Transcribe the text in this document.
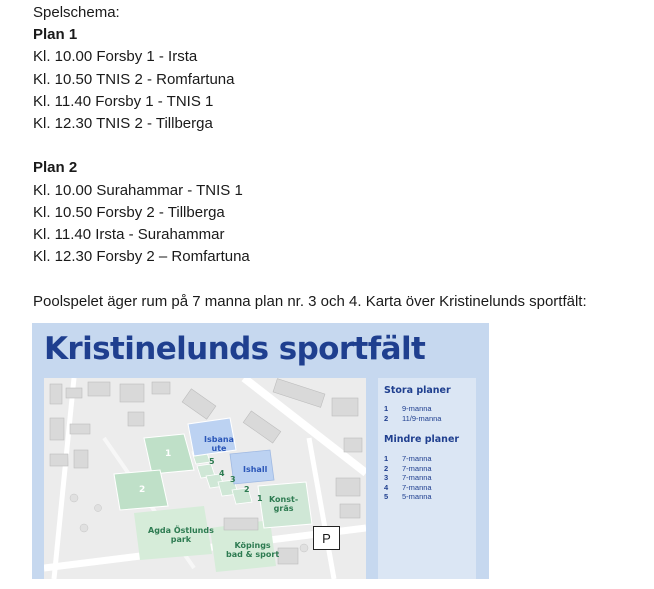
Spelschema:
Plan 1
Kl. 10.00 Forsby 1 - Irsta
Kl. 10.50 TNIS 2 - Romfartuna
Kl. 11.40 Forsby 1 - TNIS 1
Kl. 12.30 TNIS 2 - Tillberga
Plan 2
Kl. 10.00 Surahammar - TNIS 1
Kl. 10.50 Forsby 2 - Tillberga
Kl. 11.40 Irsta - Surahammar
Kl. 12.30 Forsby 2 – Romfartuna
Poolspelet äger rum på 7 manna plan nr. 3 och 4. Karta över Kristinelunds sportfält:
Kristinelunds sportfält
1
2
5
4
3
2
1
Isbana
ute
Ishall
Konst-
gräs
Agda Östlunds
park
Köpings
bad & sport
Stora planer
1 9-manna
2 11/9-manna
Mindre planer
1 7-manna
2 7-manna
3 7-manna
4 7-manna
5 5-manna
P
